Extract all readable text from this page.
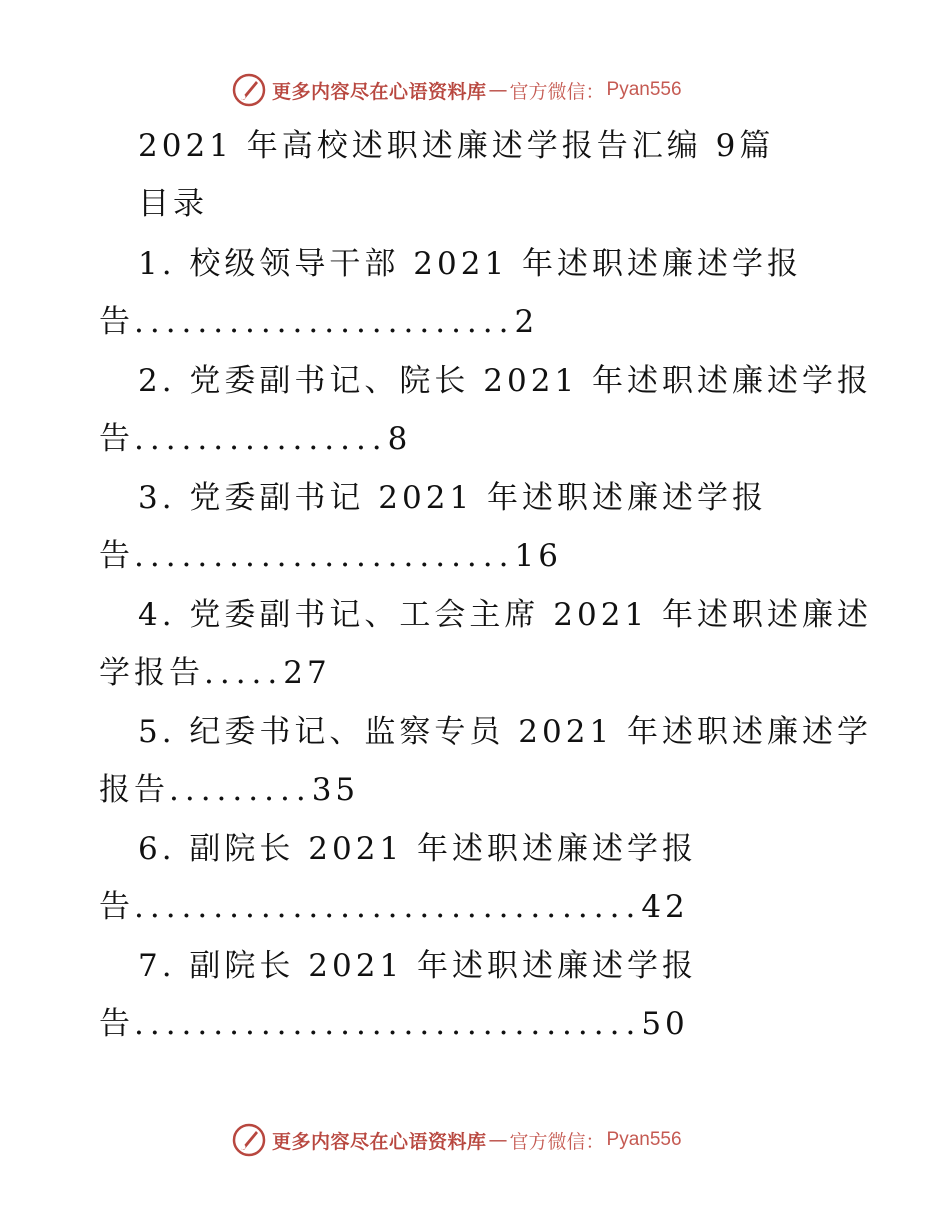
更多内容尽在心语资料库 — 官方微信： Pyan556
2021 年高校述职述廉述学报告汇编 9篇
目录
1. 校级领导干部 2021 年述职述廉述学报
告........................2
2. 党委副书记、院长 2021 年述职述廉述学报
告................8
3. 党委副书记 2021 年述职述廉述学报
告........................16
4. 党委副书记、工会主席 2021 年述职述廉述
学报告.....27
5. 纪委书记、监察专员 2021 年述职述廉述学
报告.........35
6. 副院长 2021 年述职述廉述学报
告................................42
7. 副院长 2021 年述职述廉述学报
告................................50
更多内容尽在心语资料库 — 官方微信： Pyan556
